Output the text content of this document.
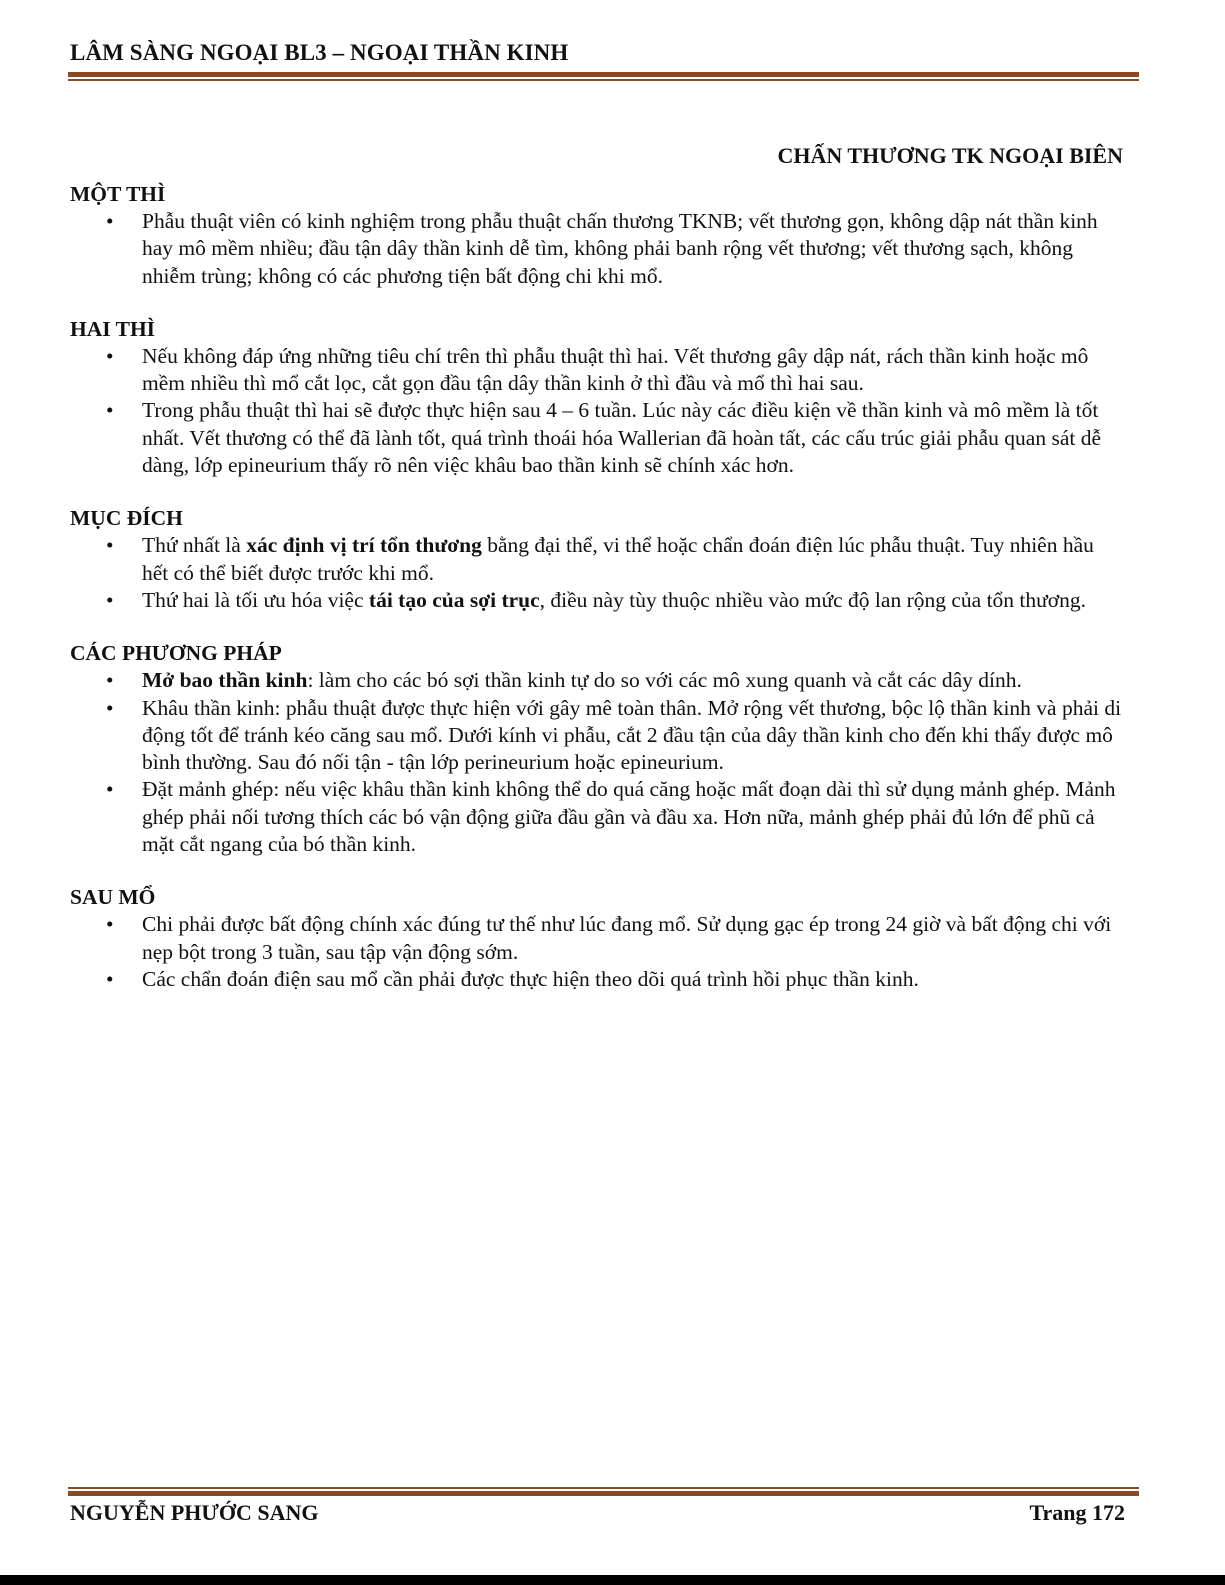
LÂM SÀNG NGOẠI BL3 – NGOẠI THẦN KINH
CHẤN THƯƠNG TK NGOẠI BIÊN
MỘT THÌ
• Phẫu thuật viên có kinh nghiệm trong phẫu thuật chấn thương TKNB; vết thương gọn, không dập nát thần kinh hay mô mềm nhiều; đầu tận dây thần kinh dễ tìm, không phải banh rộng vết thương; vết thương sạch, không nhiễm trùng; không có các phương tiện bất động chi khi mổ.
HAI THÌ
• Nếu không đáp ứng những tiêu chí trên thì phẫu thuật thì hai. Vết thương gây dập nát, rách thần kinh hoặc mô mềm nhiều thì mổ cắt lọc, cắt gọn đầu tận dây thần kinh ở thì đầu và mổ thì hai sau.
• Trong phẫu thuật thì hai sẽ được thực hiện sau 4 – 6 tuần. Lúc này các điều kiện về thần kinh và mô mềm là tốt nhất. Vết thương có thể đã lành tốt, quá trình thoái hóa Wallerian đã hoàn tất, các cấu trúc giải phẫu quan sát dễ dàng, lớp epineurium thấy rõ nên việc khâu bao thần kinh sẽ chính xác hơn.
MỤC ĐÍCH
• Thứ nhất là xác định vị trí tổn thương bằng đại thể, vi thể hoặc chẩn đoán điện lúc phẫu thuật. Tuy nhiên hầu hết có thể biết được trước khi mổ.
• Thứ hai là tối ưu hóa việc tái tạo của sợi trục, điều này tùy thuộc nhiều vào mức độ lan rộng của tổn thương.
CÁC PHƯƠNG PHÁP
• Mở bao thần kinh: làm cho các bó sợi thần kinh tự do so với các mô xung quanh và cắt các dây dính.
• Khâu thần kinh: phẫu thuật được thực hiện với gây mê toàn thân. Mở rộng vết thương, bộc lộ thần kinh và phải di động tốt để tránh kéo căng sau mổ. Dưới kính vi phẫu, cắt 2 đầu tận của dây thần kinh cho đến khi thấy được mô bình thường. Sau đó nối tận - tận lớp perineurium hoặc epineurium.
• Đặt mảnh ghép: nếu việc khâu thần kinh không thể do quá căng hoặc mất đoạn dài thì sử dụng mảnh ghép. Mảnh ghép phải nối tương thích các bó vận động giữa đầu gần và đầu xa. Hơn nữa, mảnh ghép phải đủ lớn để phũ cả mặt cắt ngang của bó thần kinh.
SAU MỔ
• Chi phải được bất động chính xác đúng tư thế như lúc đang mổ. Sử dụng gạc ép trong 24 giờ và bất động chi với nẹp bột trong 3 tuần, sau tập vận động sớm.
• Các chẩn đoán điện sau mổ cần phải được thực hiện theo dõi quá trình hồi phục thần kinh.
NGUYỄN PHƯỚC SANG	Trang 172
